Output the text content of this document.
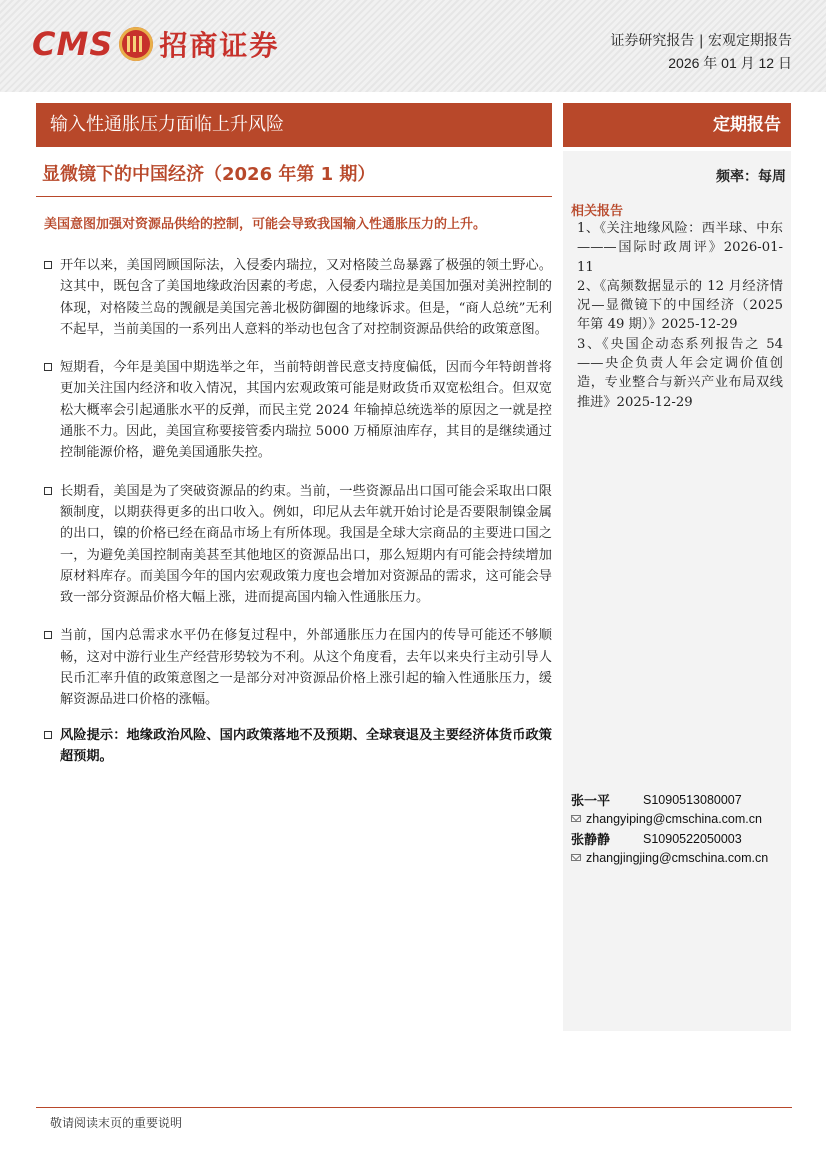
CMS 招商证券	证券研究报告 | 宏观定期报告
2026 年 01 月 12 日
输入性通胀压力面临上升风险	定期报告
显微镜下的中国经济（2026 年第 1 期）	频率：每周
美国意图加强对资源品供给的控制，可能会导致我国输入性通胀压力的上升。
开年以来，美国罔顾国际法，入侵委内瑞拉，又对格陵兰岛暴露了极强的领土野心。这其中，既包含了美国地缘政治因素的考虑，入侵委内瑞拉是美国加强对美洲控制的体现，对格陵兰岛的觊觎是美国完善北极防御圈的地缘诉求。但是，“商人总统”无利不起早，当前美国的一系列出人意料的举动也包含了对控制资源品供给的政策意图。
短期看，今年是美国中期选举之年，当前特朗普民意支持度偏低，因而今年特朗普将更加关注国内经济和收入情况，其国内宏观政策可能是财政货币双宽松组合。但双宽松大概率会引起通胀水平的反弹，而民主党 2024 年输掉总统选举的原因之一就是控通胀不力。因此，美国宣称要接管委内瑞拉 5000 万桶原油库存，其目的是继续通过控制能源价格，避免美国通胀失控。
长期看，美国是为了突破资源品的约束。当前，一些资源品出口国可能会采取出口限额制度，以期获得更多的出口收入。例如，印尼从去年就开始讨论是否要限制镍金属的出口，镍的价格已经在商品市场上有所体现。我国是全球大宗商品的主要进口国之一，为避免美国控制南美甚至其他地区的资源品出口，那么短期内有可能会持续增加原材料库存。而美国今年的国内宏观政策力度也会增加对资源品的需求，这可能会导致一部分资源品价格大幅上涨，进而提高国内输入性通胀压力。
当前，国内总需求水平仍在修复过程中，外部通胀压力在国内的传导可能还不够顺畅，这对中游行业生产经营形势较为不利。从这个角度看，去年以来央行主动引导人民币汇率升值的政策意图之一是部分对冲资源品价格上涨引起的输入性通胀压力，缓解资源品进口价格的涨幅。
风险提示：地缘政治风险、国内政策落地不及预期、全球衰退及主要经济体货币政策超预期。
相关报告
1、《关注地缘风险：西半球、中东———国际时政周评》2026-01-11
2、《高频数据显示的 12 月经济情况—显微镜下的中国经济（2025 年第 49 期）》2025-12-29
3、《央国企动态系列报告之 54——央企负责人年会定调价值创造，专业整合与新兴产业布局双线推进》2025-12-29
张一平	S1090513080007
zhangyiping@cmschina.com.cn
张静静	S1090522050003
zhangjingjing@cmschina.com.cn
敬请阅读末页的重要说明
